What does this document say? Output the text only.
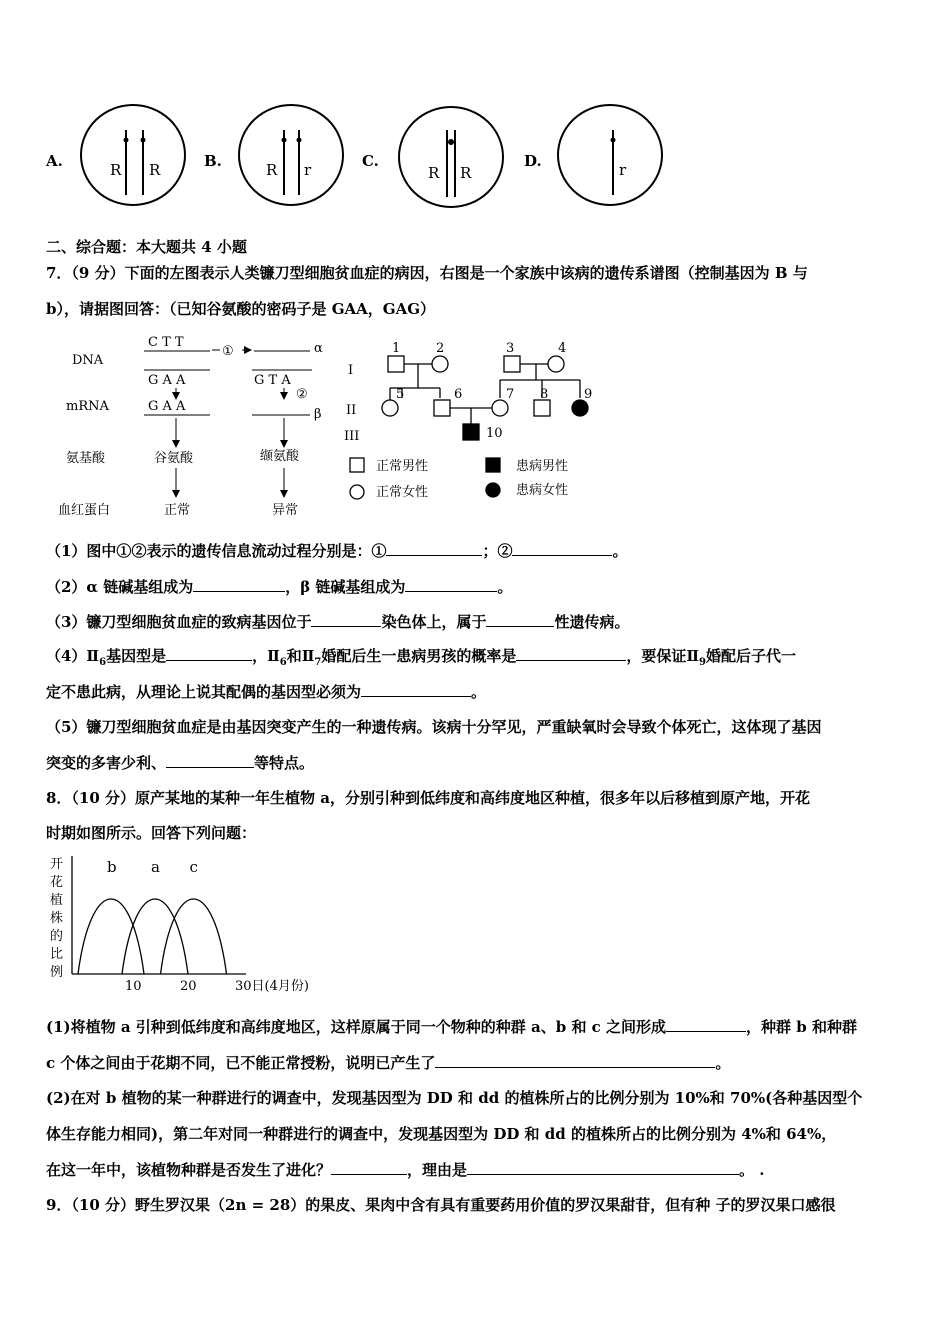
A.	B.	C.	D.
R R	R r	R R	r
二、综合题：本大题共 4 小题
7．（9 分）下面的左图表示人类镰刀型细胞贫血症的病因，右图是一个家族中该病的遗传系谱图（控制基因为 B 与
b），请据图回答：（已知谷氨酸的密码子是 GAA，GAG）
DNA
mRNA
氨基酸
血红蛋白
C T T
G A A
G A A
谷氨酸
正常
①	α
G T A
②
β
缬氨酸
异常
I
II
III
1	2	3	4
5	6	7 8	9
10
正常男性	患病男性
正常女性	患病女性
（1）图中①②表示的遗传信息流动过程分别是：①	；②	。
（2）α 链碱基组成为	，β 链碱基组成为	。
（3）镰刀型细胞贫血症的致病基因位于	染色体上，属于	性遗传病。
$(4)Ⅱ_6$基因型是	，$Ⅱ_6$和$Ⅱ_7$婚配后生一患病男孩的概率是	，要保证$Ⅱ_9$婚配后子代一
定不患此病，从理论上说其配偶的基因型必须为	。
（5）镰刀型细胞贫血症是由基因突变产生的一种遗传病。该病十分罕见，严重缺氧时会导致个体死亡，这体现了基因
突变的多害少利、	等特点。
8．（10 分）原产某地的某种一年生植物 a，分别引种到低纬度和高纬度地区种植，很多年以后移植到原产地，开花
时期如图所示。回答下列问题：
开
花
植
株
的
比
例
b a c
10	20	30日(4月份)
(1)将植物 a 引种到低纬度和高纬度地区，这样原属于同一个物种的种群 a、b 和 c 之间形成	，种群 b 和种群
c 个体之间由于花期不同，已不能正常授粉，说明已产生了	。
(2)在对 b 植物的某一种群进行的调查中，发现基因型为 DD 和 dd 的植株所占的比例分别为 10%和 70%(各种基因型个
体生存能力相同)，第二年对同一种群进行的调查中，发现基因型为 DD 和 dd 的植株所占的比例分别为 4%和 64%，
在这一年中，该植物种群是否发生了进化？	，理由是	。 .
9．（10 分）野生罗汉果（2n = 28）的果皮、果肉中含有具有重要药用价值的罗汉果甜苷，但有种 子的罗汉果口感很
